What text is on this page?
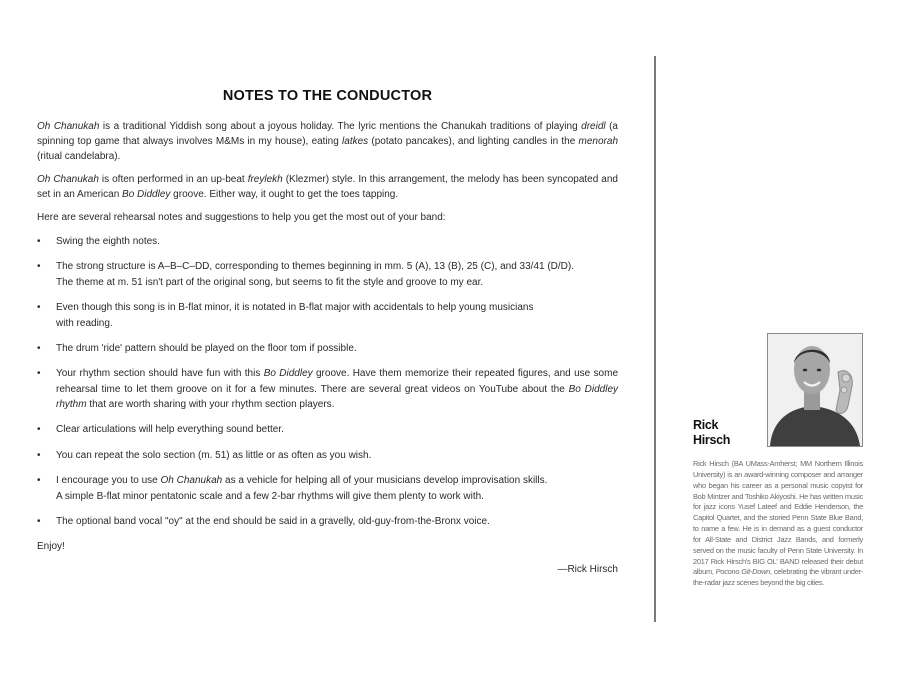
NOTES TO THE CONDUCTOR

Oh Chanukah is a traditional Yiddish song about a joyous holiday. The lyric mentions the Chanukah traditions of playing dreidl (a spinning top game that always involves M&Ms in my house), eating latkes (potato pancakes), and lighting candles in the menorah (ritual candelabra).

Oh Chanukah is often performed in an up-beat freylekh (Klezmer) style. In this arrangement, the melody has been syncopated and set in an American Bo Diddley groove. Either way, it ought to get the toes tapping.

Here are several rehearsal notes and suggestions to help you get the most out of your band:

• Swing the eighth notes.
• The strong structure is A–B–C–DD, corresponding to themes beginning in mm. 5 (A), 13 (B), 25 (C), and 33/41 (D/D).
The theme at m. 51 isn't part of the original song, but seems to fit the style and groove to my ear.
• Even though this song is in B-flat minor, it is notated in B-flat major with accidentals to help young musicians
with reading.
• The drum 'ride' pattern should be played on the floor tom if possible.
• Your rhythm section should have fun with this Bo Diddley groove. Have them memorize their repeated figures, and use some rehearsal time to let them groove on it for a few minutes. There are several great videos on YouTube about the Bo Diddley rhythm that are worth sharing with your rhythm section players.
• Clear articulations will help everything sound better.
• You can repeat the solo section (m. 51) as little or as often as you wish.
• I encourage you to use Oh Chanukah as a vehicle for helping all of your musicians develop improvisation skills.
A simple B-flat minor pentatonic scale and a few 2-bar rhythms will give them plenty to work with.
• The optional band vocal "oy" at the end should be said in a gravelly, old-guy-from-the-Bronx voice.

Enjoy!

—Rick Hirsch
Rick
Hirsch
Rick Hirsch (BA UMass-Amherst; MM Northern Illinois University) is an award-winning composer and arranger who began his career as a personal music copyist for Bob Mintzer and Toshiko Akiyoshi. He has written music for jazz icons Yusef Lateef and Eddie Henderson, the Capitol Quartet, and the storied Penn State Blue Band, to name a few. He is in demand as a guest conductor for All-State and District Jazz Bands, and formerly served on the music faculty of Penn State University. In 2017 Rick Hirsch's BIG OL' BAND released their debut album, Pocono Git-Down, celebrating the vibrant under-the-radar jazz scenes beyond the big cities.
